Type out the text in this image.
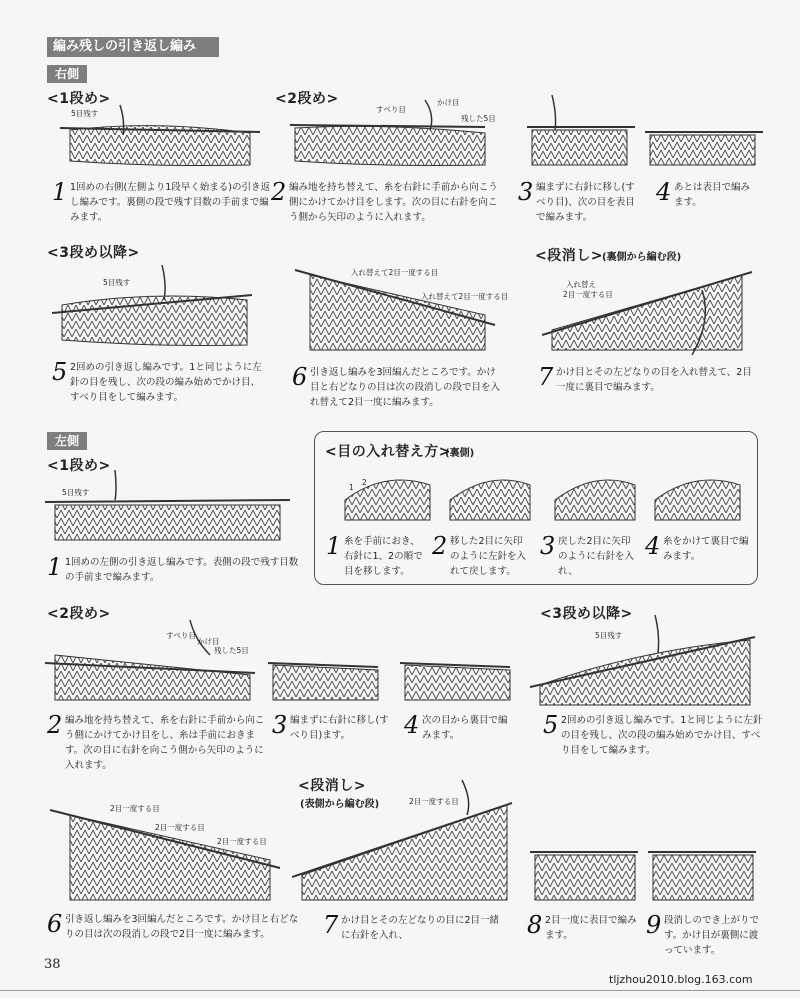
編み残しの引き返し編み
右側
<1段め>	<2段め>
5目残す	すべり目
かけ目
残した5目
1 1回めの右側(左側より1段早く始まる)の引き返し編みです。裏側の段で残す目数の手前まで編みます。
2 編み地を持ち替えて、糸を右針に手前から向こう側にかけてかけ目をします。次の目に右針を向こう側から矢印のように入れます。
3 編まずに右針に移し(すべり目)、次の目を表目で編みます。
4 あとは表目で編みます。
<3段め以降>	<段消し> (裏側から編む段)
5目残す
入れ替えて2目一度する目
入れ替えて2目一度する目
入れ替え
2目一度する目
5 2回めの引き返し編みです。1と同じように左針の目を残し、次の段の編み始めでかけ目、すべり目をして編みます。
6 引き返し編みを3回編んだところです。かけ目と右どなりの目は次の段消しの段で目を入れ替えて2目一度に編みます。
7 かけ目とその左どなりの目を入れ替えて、2目一度に裏目で編みます。
左側
<1段め>
5目残す
1 1回めの左側の引き返し編みです。表側の段で残す目数の手前まで編みます。
<目の入れ替え方>
(裏側)
1
2
1 糸を手前におき、右針に1、2の順で目を移します。
2 移した2目に矢印のように左針を入れて戻します。
3 戻した2目に矢印のように右針を入れ、
4 糸をかけて裏目で編みます。
<2段め>	<3段め以降>
すべり目
かけ目
残した5目
5目残す
2 編み地を持ち替えて、糸を右針に手前から向こう側にかけてかけ目をし、糸は手前におきます。次の目に右針を向こう側から矢印のように入れます。
3 編まずに右針に移し(すべり目)ます。	4 次の目から裏目で編みます。	5 2回めの引き返し編みです。1と同じように左針の目を残し、次の段の編み始めでかけ目、すべり目をして編みます。
<段消し>
(表側から編む段)
2目一度する目
2目一度する目
2目一度する目
2目一度する目
6 引き返し編みを3回編んだところです。かけ目と右どなりの目は次の段消しの段で2目一度に編みます。	7 かけ目とその左どなりの目に2目一緒に右針を入れ、	8 2目一度に表目で編みます。	9 段消しのでき上がりです。かけ目が裏側に渡っています。
38
tljzhou2010.blog.163.com
